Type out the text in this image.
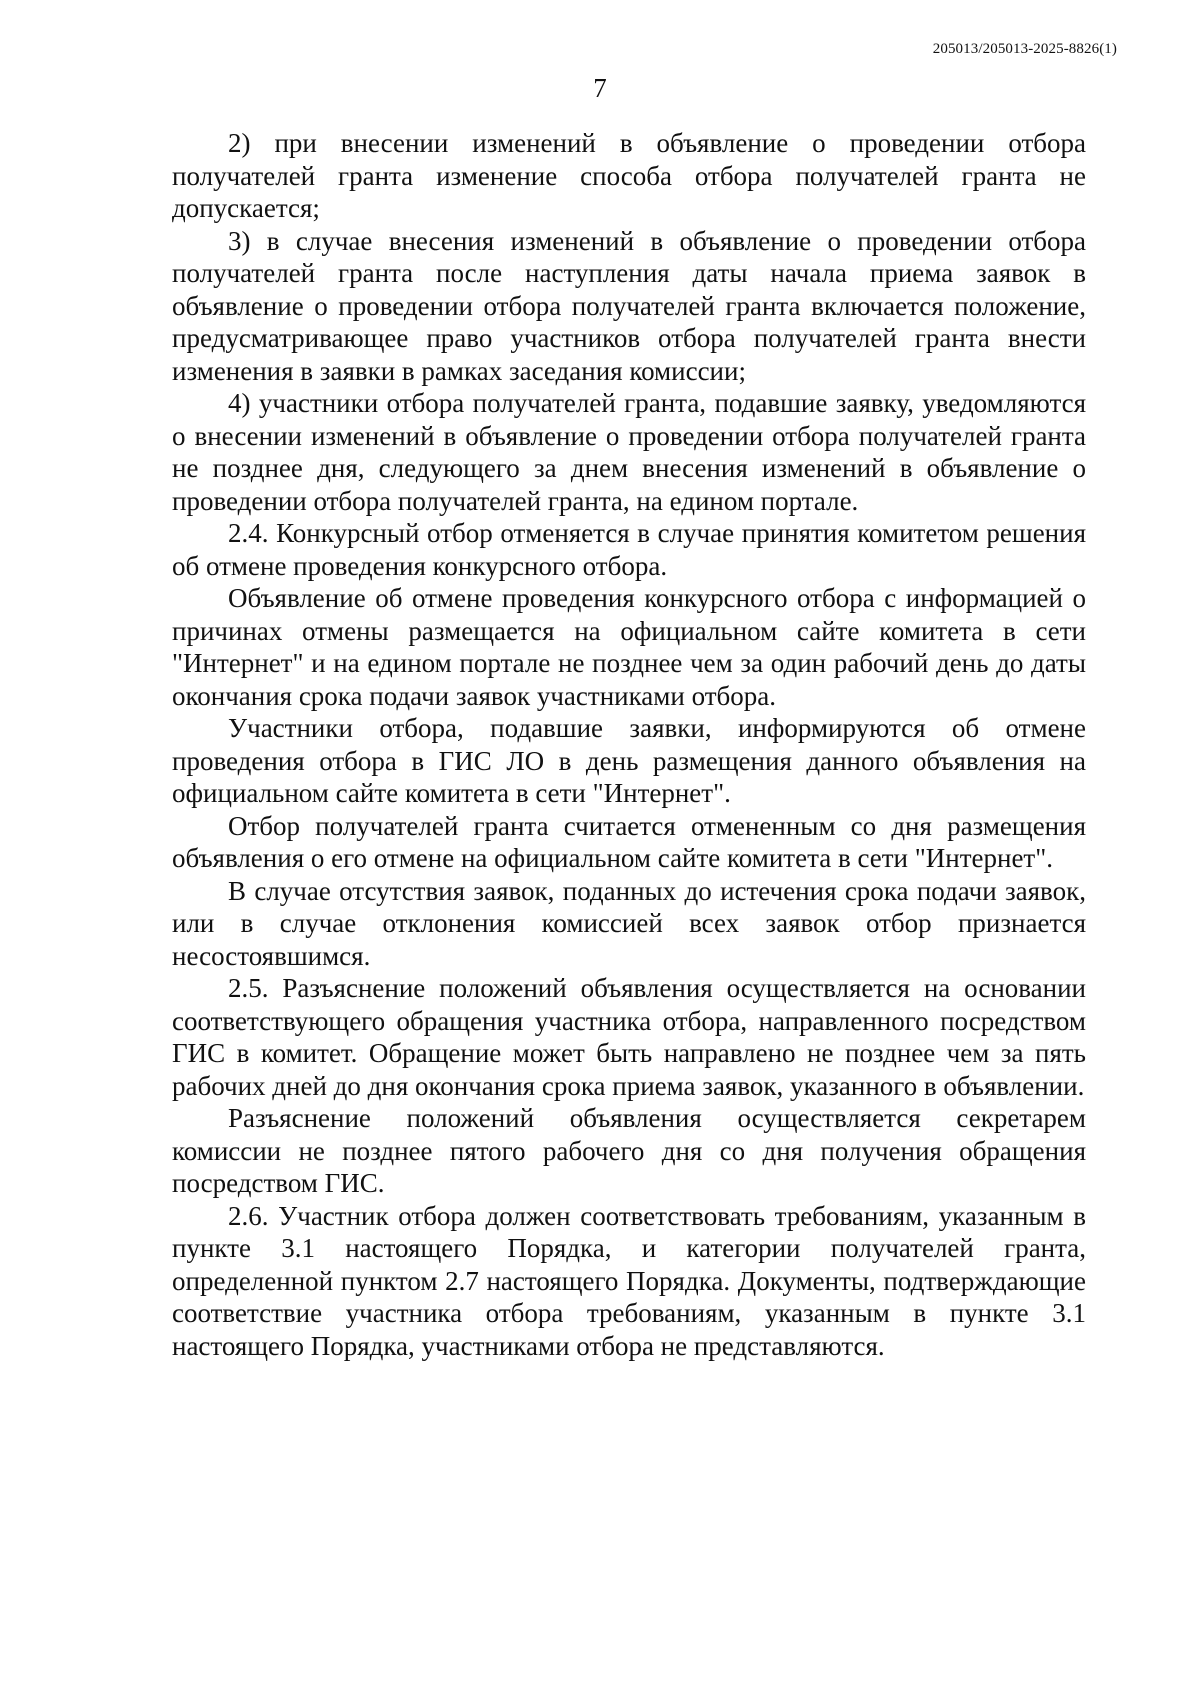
205013/205013-2025-8826(1)
7

2) при внесении изменений в объявление о проведении отбора получателей гранта изменение способа отбора получателей гранта не допускается;

3) в случае внесения изменений в объявление о проведении отбора получателей гранта после наступления даты начала приема заявок в объявление о проведении отбора получателей гранта включается положение, предусматривающее право участников отбора получателей гранта внести изменения в заявки в рамках заседания комиссии;

4) участники отбора получателей гранта, подавшие заявку, уведомляются о внесении изменений в объявление о проведении отбора получателей гранта не позднее дня, следующего за днем внесения изменений в объявление о проведении отбора получателей гранта, на едином портале.

2.4. Конкурсный отбор отменяется в случае принятия комитетом решения об отмене проведения конкурсного отбора.

Объявление об отмене проведения конкурсного отбора с информацией о причинах отмены размещается на официальном сайте комитета в сети "Интернет" и на едином портале не позднее чем за один рабочий день до даты окончания срока подачи заявок участниками отбора.

Участники отбора, подавшие заявки, информируются об отмене проведения отбора в ГИС ЛО в день размещения данного объявления на официальном сайте комитета в сети "Интернет".

Отбор получателей гранта считается отмененным со дня размещения объявления о его отмене на официальном сайте комитета в сети "Интернет".

В случае отсутствия заявок, поданных до истечения срока подачи заявок, или в случае отклонения комиссией всех заявок отбор признается несостоявшимся.

2.5. Разъяснение положений объявления осуществляется на основании соответствующего обращения участника отбора, направленного посредством ГИС в комитет. Обращение может быть направлено не позднее чем за пять рабочих дней до дня окончания срока приема заявок, указанного в объявлении.

Разъяснение положений объявления осуществляется секретарем комиссии не позднее пятого рабочего дня со дня получения обращения посредством ГИС.

2.6. Участник отбора должен соответствовать требованиям, указанным в пункте 3.1 настоящего Порядка, и категории получателей гранта, определенной пунктом 2.7 настоящего Порядка. Документы, подтверждающие соответствие участника отбора требованиям, указанным в пункте 3.1 настоящего Порядка, участниками отбора не представляются.
